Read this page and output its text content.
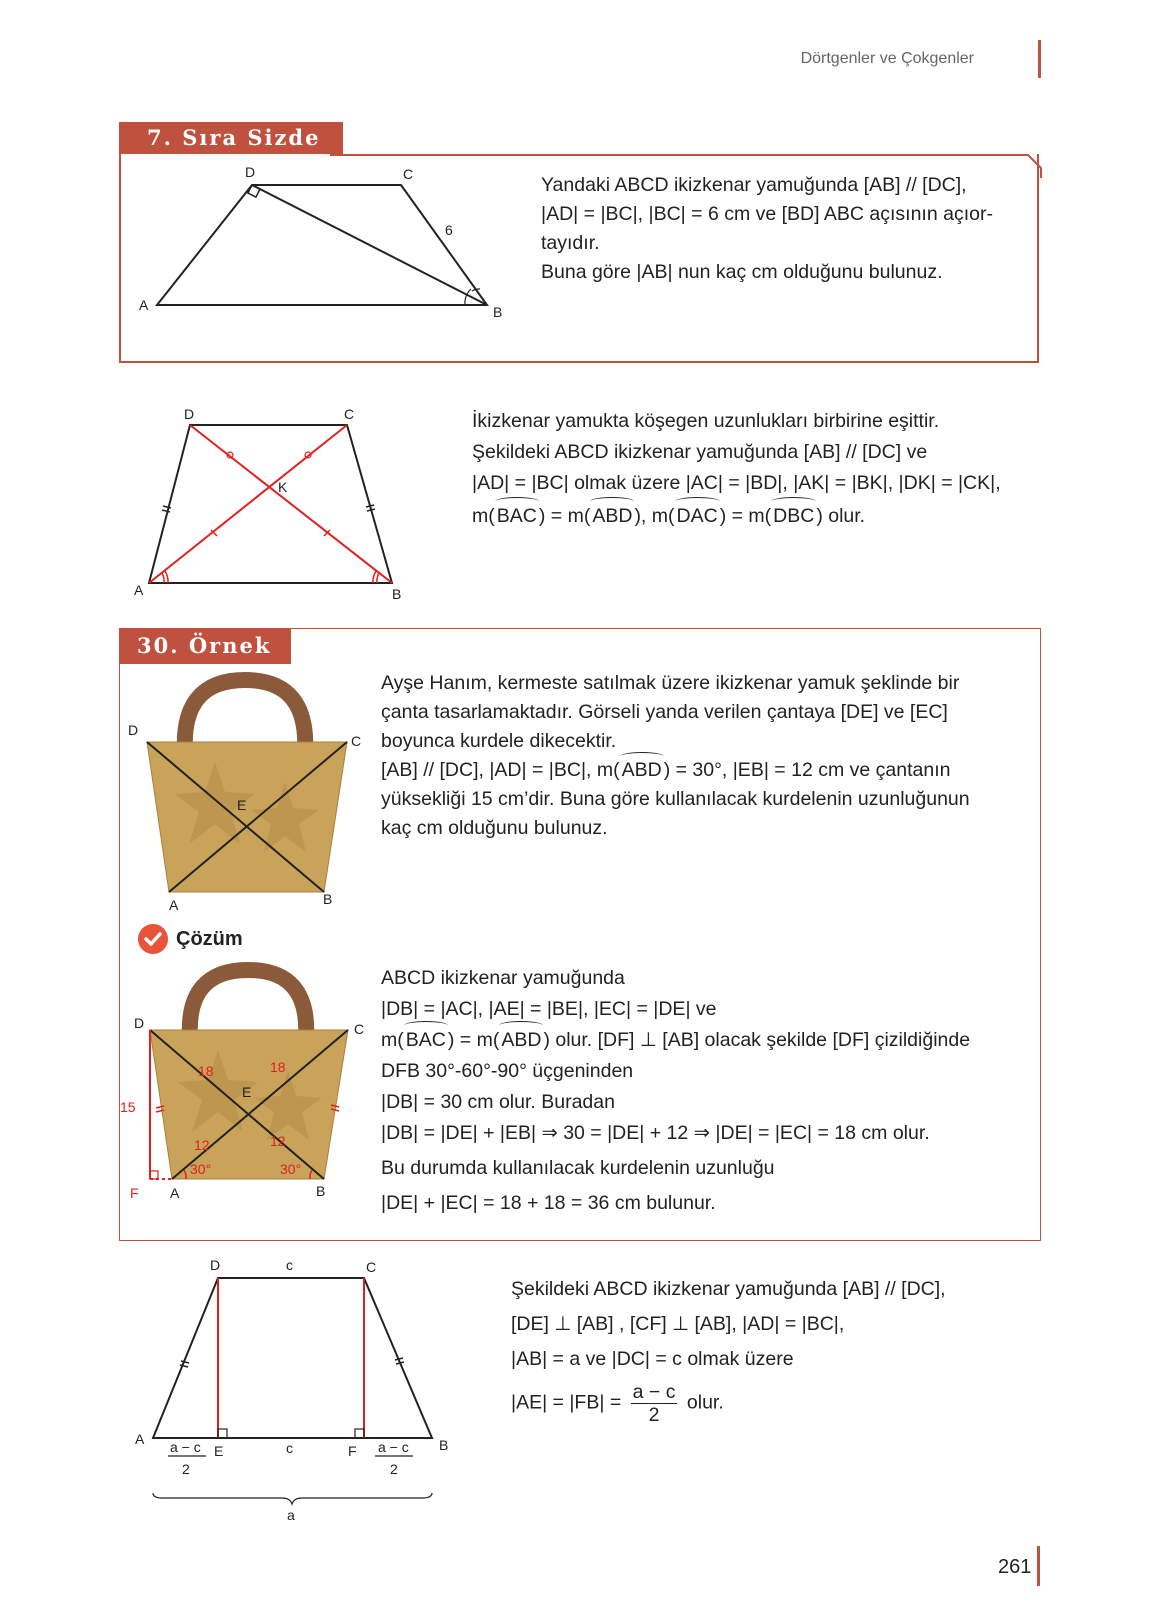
Dörtgenler ve Çokgenler
261
7. Sıra Sizde
A	B
C
D
6
Yandaki ABCD ikizkenar yamuğunda [AB] // [DC],
|AD| = |BC|, |BC| = 6 cm ve [BD] ABC açısının açıor-
tayıdır.
Buna göre |AB| nun kaç cm olduğunu bulunuz.
A	B
C
D
K
İkizkenar yamukta köşegen uzunlukları birbirine eşittir.
Şekildeki ABCD ikizkenar yamuğunda [AB] // [DC] ve
|AD| = |BC| olmak üzere |AC| = |BD|, |AK| = |BK|, |DK| = |CK|,
m( BAC ) = m( ABD ), m( DAC ) = m( DBC ) olur.
30. Örnek
D
C
E
A	B
Ayşe Hanım, kermeste satılmak üzere ikizkenar yamuk şeklinde bir
çanta tasarlamaktadır. Görseli yanda verilen çantaya [DE] ve [EC]
boyunca kurdele dikecektir.
[AB] // [DC], |AD| = |BC|, m( ABD ) = 30°, |EB| = 12 cm ve çantanın
yüksekliği 15 cm’dir. Buna göre kullanılacak kurdelenin uzunluğunun
kaç cm olduğunu bulunuz.
Çözüm
D	C
E
A	B
F
15
18	18
12	12
30°	30°
ABCD ikizkenar yamuğunda
|DB| = |AC|, |AE| = |BE|, |EC| = |DE| ve
m( BAC ) = m( ABD ) olur. [DF] ⊥ [AB] olacak şekilde [DF] çizildiğinde
DFB 30°-60°-90° üçgeninden
|DB| = 30 cm olur. Buradan
|DB| = |DE| + |EB| ⇒ 30 = |DE| + 12 ⇒ |DE| = |EC| = 18 cm olur.
Bu durumda kullanılacak kurdelenin uzunluğu
|DE| + |EC| = 18 + 18 = 36 cm bulunur.
A	B
C
D
E	F
c
c
a − c
2
a − c
2
a
Şekildeki ABCD ikizkenar yamuğunda [AB] // [DC],
[DE] ⊥ [AB] , [CF] ⊥ [AB], |AD| = |BC|,
|AB| = a ve |DC| = c olmak üzere
$|AE| = |FB| = \frac{a - c}{2}$ olur.
